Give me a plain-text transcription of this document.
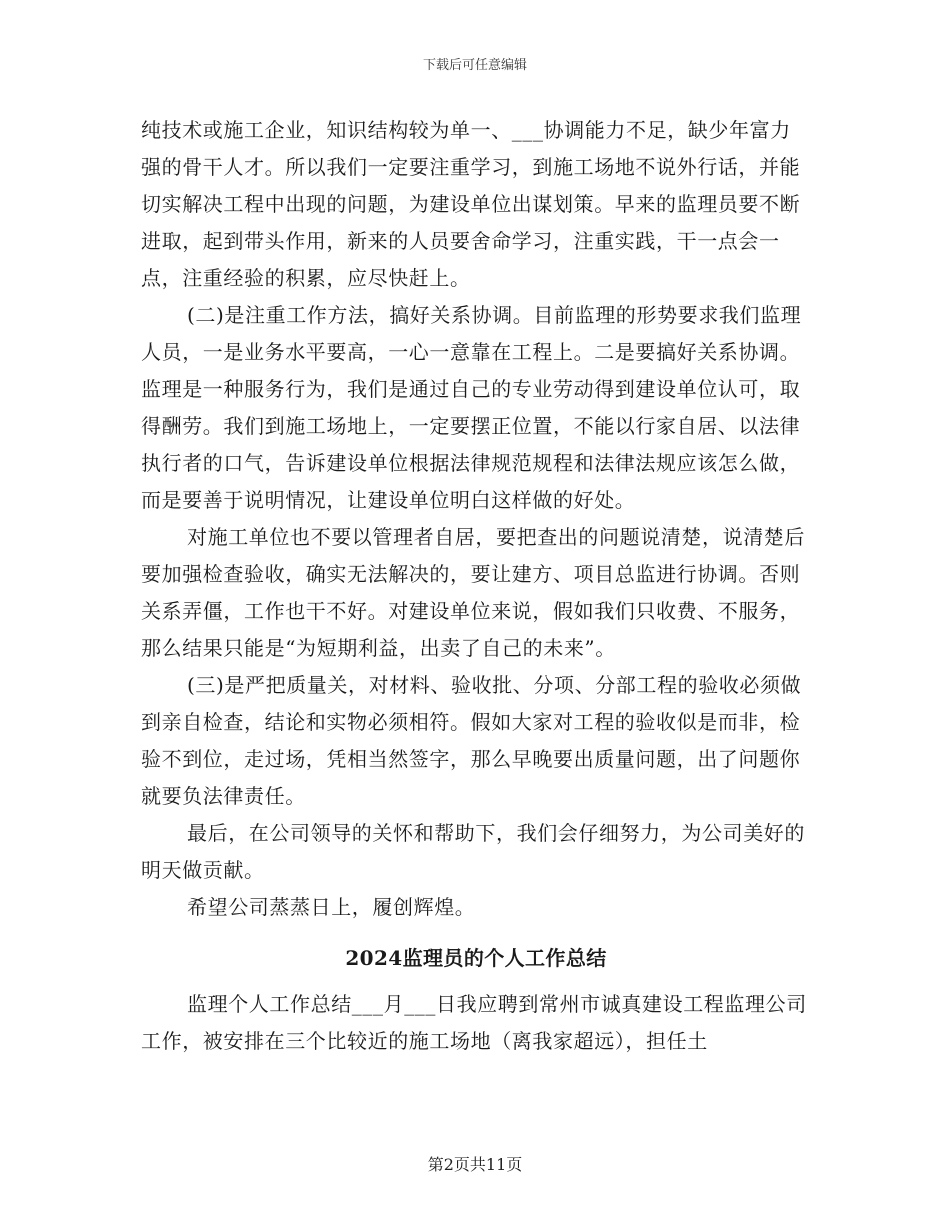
下载后可任意编辑

纯技术或施工企业，知识结构较为单一、___协调能力不足，缺少年富力强的骨干人才。所以我们一定要注重学习，到施工场地不说外行话，并能切实解决工程中出现的问题，为建设单位出谋划策。早来的监理员要不断进取，起到带头作用，新来的人员要舍命学习，注重实践，干一点会一点，注重经验的积累，应尽快赶上。

(二)是注重工作方法，搞好关系协调。目前监理的形势要求我们监理人员，一是业务水平要高，一心一意靠在工程上。二是要搞好关系协调。监理是一种服务行为，我们是通过自己的专业劳动得到建设单位认可，取得酬劳。我们到施工场地上，一定要摆正位置，不能以行家自居、以法律执行者的口气，告诉建设单位根据法律规范规程和法律法规应该怎么做，而是要善于说明情况，让建设单位明白这样做的好处。

对施工单位也不要以管理者自居，要把查出的问题说清楚，说清楚后要加强检查验收，确实无法解决的，要让建方、项目总监进行协调。否则关系弄僵，工作也干不好。对建设单位来说，假如我们只收费、不服务，那么结果只能是“为短期利益，出卖了自己的未来”。

(三)是严把质量关，对材料、验收批、分项、分部工程的验收必须做到亲自检查，结论和实物必须相符。假如大家对工程的验收似是而非，检验不到位，走过场，凭相当然签字，那么早晚要出质量问题，出了问题你就要负法律责任。

最后，在公司领导的关怀和帮助下，我们会仔细努力，为公司美好的明天做贡献。

希望公司蒸蒸日上，履创辉煌。

2024监理员的个人工作总结

监理个人工作总结___月___日我应聘到常州市诚真建设工程监理公司工作，被安排在三个比较近的施工场地（离我家超远），担任土

第2页共11页
